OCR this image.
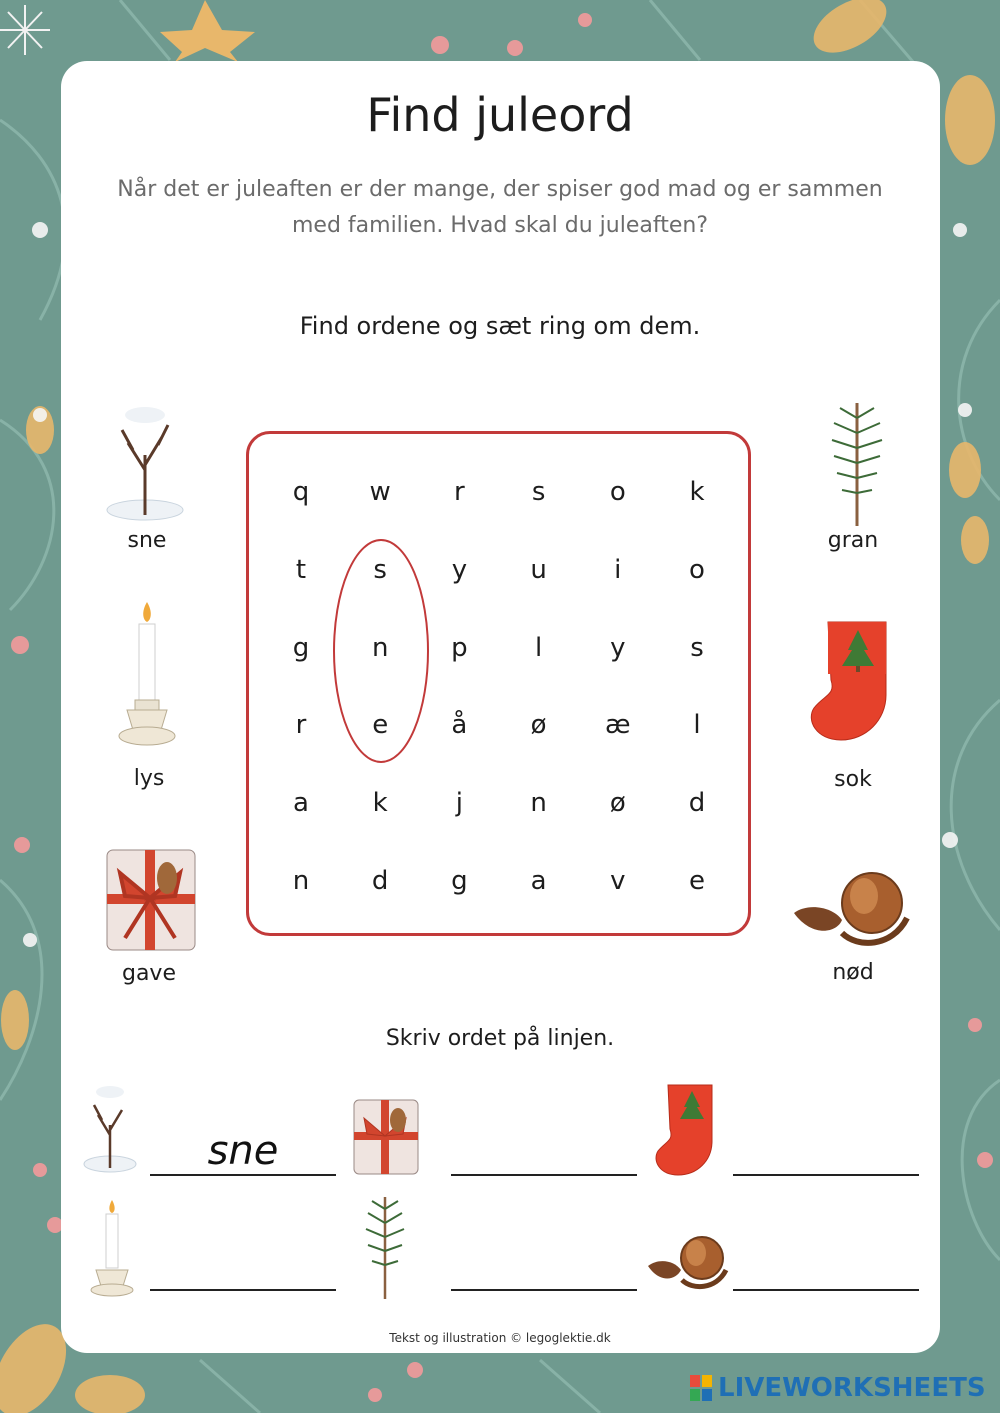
Find juleord
Når det er juleaften er der mange, der spiser god mad og er sammen med familien. Hvad skal du juleaften?
Find ordene og sæt ring om dem.
q	w	r	s	o	k
t	s	y	u	i	o
g	n	p	l	y	s
r	e	å	ø	æ	l
a	k	j	n	ø	d
n	d	g	a	v	e
sne
lys
gave
gran
sok
nød
Skriv ordet på linjen.
sne
Tekst og illustration © legoglektie.dk
LIVEWORKSHEETS
